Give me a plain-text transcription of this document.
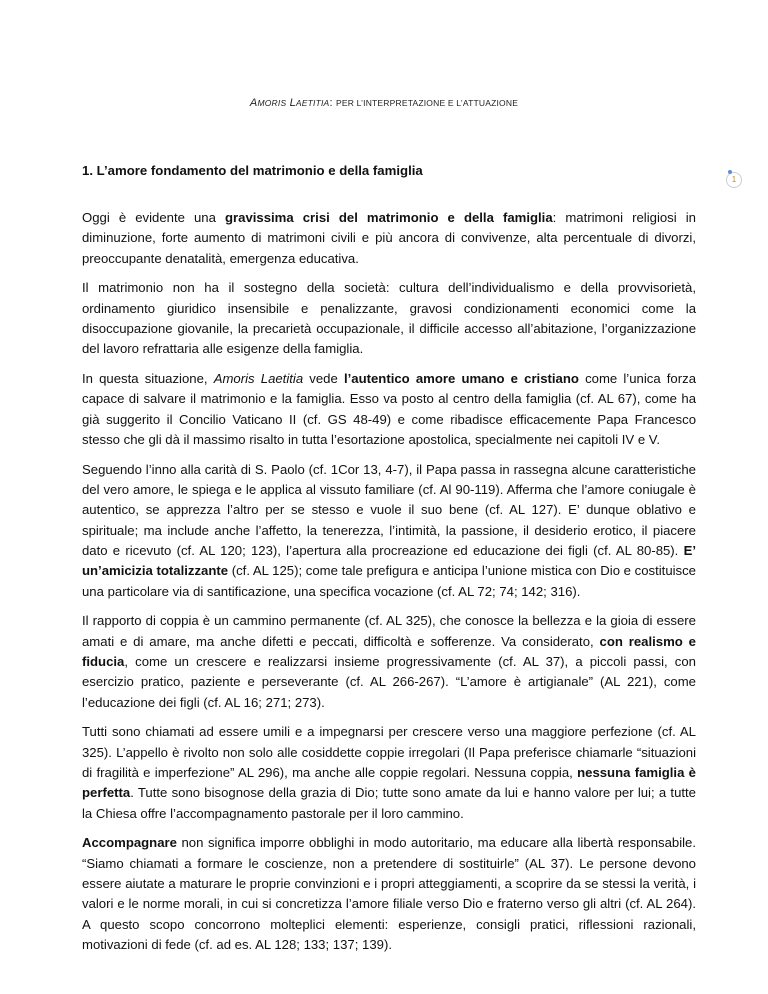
AMORIS LAETITIA: PER L’INTERPRETAZIONE E L’ATTUAZIONE
1. L’amore fondamento del matrimonio e della famiglia
1

Oggi è evidente una gravissima crisi del matrimonio e della famiglia: matrimoni religiosi in diminuzione, forte aumento di matrimoni civili e più ancora di convivenze, alta percentuale di divorzi, preoccupante denatalità, emergenza educativa.

Il matrimonio non ha il sostegno della società: cultura dell’individualismo e della provvisorietà, ordinamento giuridico insensibile e penalizzante, gravosi condizionamenti economici come la disoccupazione giovanile, la precarietà occupazionale, il difficile accesso all’abitazione, l’organizzazione del lavoro refrattaria alle esigenze della famiglia.

In questa situazione, Amoris Laetitia vede l’autentico amore umano e cristiano come l’unica forza capace di salvare il matrimonio e la famiglia. Esso va posto al centro della famiglia (cf. AL 67), come ha già suggerito il Concilio Vaticano II (cf. GS 48-49) e come ribadisce efficacemente Papa Francesco stesso che gli dà il massimo risalto in tutta l’esortazione apostolica, specialmente nei capitoli IV e V.

Seguendo l’inno alla carità di S. Paolo (cf. 1Cor 13, 4-7), il Papa passa in rassegna alcune caratteristiche del vero amore, le spiega e le applica al vissuto familiare (cf. Al 90-119). Afferma che l’amore coniugale è autentico, se apprezza l’altro per se stesso e vuole il suo bene (cf. AL 127). E’ dunque oblativo e spirituale; ma include anche l’affetto, la tenerezza, l’intimità, la passione, il desiderio erotico, il piacere dato e ricevuto (cf. AL 120; 123), l’apertura alla procreazione ed educazione dei figli (cf. AL 80-85). E’ un’amicizia totalizzante (cf. AL 125); come tale prefigura e anticipa l’unione mistica con Dio e costituisce una particolare via di santificazione, una specifica vocazione (cf. AL 72; 74; 142; 316).

Il rapporto di coppia è un cammino permanente (cf. AL 325), che conosce la bellezza e la gioia di essere amati e di amare, ma anche difetti e peccati, difficoltà e sofferenze. Va considerato, con realismo e fiducia, come un crescere e realizzarsi insieme progressivamente (cf. AL 37), a piccoli passi, con esercizio pratico, paziente e perseverante (cf. AL 266-267). “L’amore è artigianale” (AL 221), come l’educazione dei figli (cf. AL 16; 271; 273).

Tutti sono chiamati ad essere umili e a impegnarsi per crescere verso una maggiore perfezione (cf. AL 325). L’appello è rivolto non solo alle cosiddette coppie irregolari (Il Papa preferisce chiamarle “situazioni di fragilità e imperfezione” AL 296), ma anche alle coppie regolari. Nessuna coppia, nessuna famiglia è perfetta. Tutte sono bisognose della grazia di Dio; tutte sono amate da lui e hanno valore per lui; a tutte la Chiesa offre l’accompagnamento pastorale per il loro cammino.

Accompagnare non significa imporre obblighi in modo autoritario, ma educare alla libertà responsabile. “Siamo chiamati a formare le coscienze, non a pretendere di sostituirle” (AL 37). Le persone devono essere aiutate a maturare le proprie convinzioni e i propri atteggiamenti, a scoprire da se stessi la verità, i valori e le norme morali, in cui si concretizza l’amore filiale verso Dio e fraterno verso gli altri (cf. AL 264). A questo scopo concorrono molteplici elementi: esperienze, consigli pratici, riflessioni razionali, motivazioni di fede (cf. ad es. AL 128; 133; 137; 139).
